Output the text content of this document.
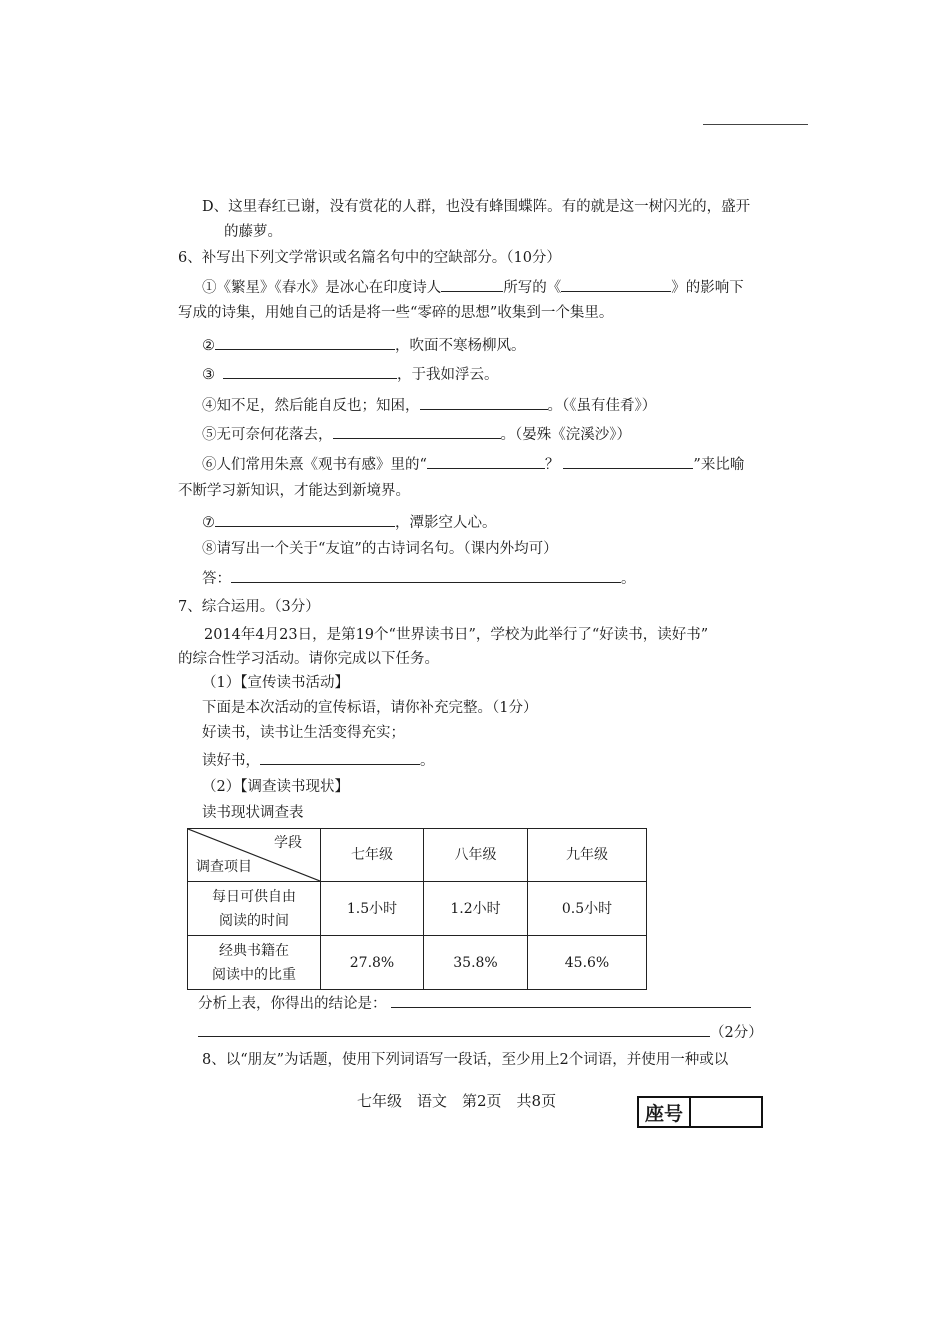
D、这里春红已谢，没有赏花的人群，也没有蜂围蝶阵。有的就是这一树闪光的，盛开
的藤萝。
6、补写出下列文学常识或名篇名句中的空缺部分。（10分）
①《繁星》《春水》是冰心在印度诗人	所写的《	》的影响下
写成的诗集，用她自己的话是将一些“零碎的思想”收集到一个集里。
②	，吹面不寒杨柳风。
③	，于我如浮云。
④知不足，然后能自反也；知困，	。（《虽有佳肴》）
⑤无可奈何花落去，	。（晏殊《浣溪沙》）
⑥人们常用朱熹《观书有感》里的“	？	”来比喻
不断学习新知识，才能达到新境界。
⑦	，潭影空人心。
⑧请写出一个关于“友谊”的古诗词名句。（课内外均可）
答：	。
7、综合运用。（3分）
2014年4月23日，是第19个“世界读书日”，学校为此举行了“好读书，读好书”
的综合性学习活动。请你完成以下任务。
（1）【宣传读书活动】
下面是本次活动的宣传标语，请你补充完整。（1分）
好读书，读书让生活变得充实；
读好书，	。
（2）【调查读书现状】
读书现状调查表
学段
调查项目	七年级	八年级	九年级

每日可供自由
阅读的时间	1.5小时	1.2小时	0.5小时

经典书籍在
阅读中的比重	27.8%	35.8%	45.6%
分析上表，你得出的结论是：
（2分）
8、以“朋友”为话题，使用下列词语写一段话，至少用上2个词语，并使用一种或以
七年级　语文　第2页　共8页
座号
